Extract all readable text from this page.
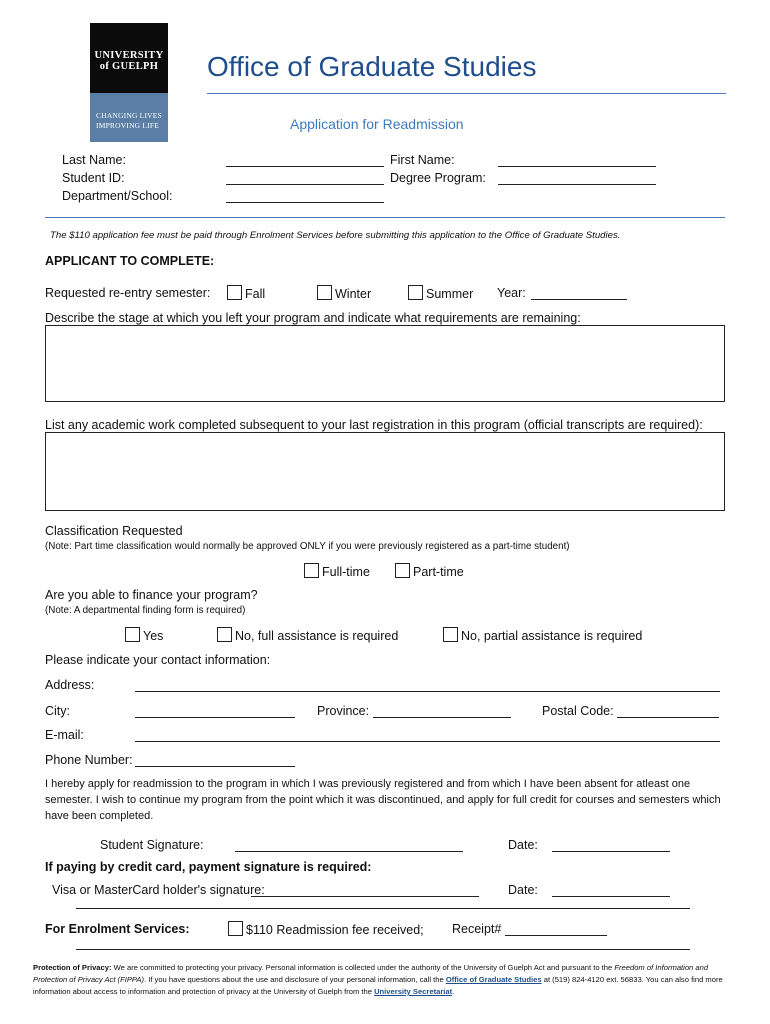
UNIVERSITY
of GUELPH
CHANGING LIVES
IMPROVING LIFE
Office of Graduate Studies
Application for Readmission
Last Name:	First Name:
Student ID:	Degree Program:
Department/School:
The $110 application fee must be paid through Enrolment Services before submitting this application to the Office of Graduate Studies.
APPLICANT TO COMPLETE:
Requested re-entry semester:	Fall	Winter	Summer Year:
Describe the stage at which you left your program and indicate what requirements are remaining:
List any academic work completed subsequent to your last registration in this program (official transcripts are required):
Classification Requested
(Note: Part time classification would normally be approved ONLY if you were previously registered as a part-time student)
Full-time	Part-time
Are you able to finance your program?
(Note: A departmental finding form is required)
Yes	No, full assistance is required	No, partial assistance is required
Please indicate your contact information:
Address:
City:	Province:	Postal Code:
E-mail:
Phone Number:
I hereby apply for readmission to the program in which I was previously registered and from which I have been absent for atleast one semester. I wish to continue my program from the point which it was discontinued, and apply for full credit for courses and semesters which have been completed.
Student Signature:	Date:
If paying by credit card, payment signature is required:
Visa or MasterCard holder's signature:	Date:
For Enrolment Services:	$110 Readmission fee received; Receipt#
Protection of Privacy: We are committed to protecting your privacy. Personal information is collected under the authority of the University of Guelph Act and pursuant to the Freedom of Information and Protection of Privacy Act (FIPPA). If you have questions about the use and disclosure of your personal information, call the Office of Graduate Studies at (519) 824-4120 ext. 56833. You can also find more information about access to information and protection of privacy at the University of Guelph from the University Secretariat.
